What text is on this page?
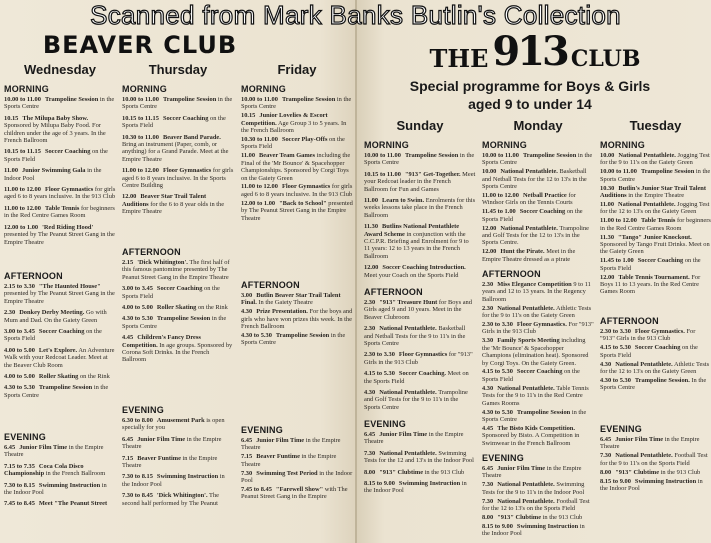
Scanned from Mark Banks Butlin's Collection
BEAVER CLUB	THE 913 CLUB
Special programme for Boys & Girls
aged 9 to under 14
Wednesday
MORNING
10.00 to 11.00 Trampoline Session in the Sports Centre
10.15 The Milupa Baby Show. Sponsored by Milupa Baby Food. For children under the age of 3 years. In the French Ballroom
10.15 to 11.15 Soccer Coaching on the Sports Field
11.00 Junior Swimming Gala in the Indoor Pool
11.00 to 12.00 Floor Gymnastics for girls aged 6 to 8 years inclusive. In the 913 Club
11.00 to 12.00 Table Tennis for beginners in the Red Centre Games Room
12.00 to 1.00 'Red Riding Hood' presented by The Peanut Street Gang in the Empire Theatre
AFTERNOON
2.15 to 3.30 "The Haunted House" presented by The Peanut Street Gang in the Empire Theatre
2.30 Donkey Derby Meeting. Go with Mum and Dad. On the Gaiety Green
3.00 to 3.45 Soccer Coaching on the Sports Field
4.00 to 5.00 Let's Explore. An Adventure Walk with your Redcoat Leader. Meet at the Beaver Club Room
4.00 to 5.00 Roller Skating on the Rink
4.30 to 5.30 Trampoline Session in the Sports Centre
EVENING
6.45 Junior Film Time in the Empire Theatre
7.15 to 7.35 Coca Cola Disco Championship in the French Ballroom
7.30 to 8.15 Swimming Instruction in the Indoor Pool
7.45 to 8.45 Meet "The Peanut Street
Thursday
MORNING
10.00 to 11.00 Trampoline Session in the Sports Centre
10.15 to 11.15 Soccer Coaching on the Sports Field
10.30 to 11.00 Beaver Band Parade. Bring an instrument (Paper, comb, or anything) for a Grand Parade. Meet at the Empire Theatre
11.00 to 12.00 Floor Gymnastics for girls aged 6 to 8 years inclusive. In the Sports Centre Building
12.00 Beaver Star Trail Talent Auditions for the 6 to 8 year olds in the Empire Theatre
AFTERNOON
2.15 'Dick Whitington'. The first half of this famous pantomime presented by The Peanut Street Gang in the Empire Theatre
3.00 to 3.45 Soccer Coaching on the Sports Field
4.00 to 5.00 Roller Skating on the Rink
4.30 to 5.30 Trampoline Session in the Sports Centre
4.45 Children's Fancy Dress Competition. In age groups. Sponsored by Corona Soft Drinks. In the French Ballroom
EVENING
6.30 to 8.00 Amusement Park is open specially for you
6.45 Junior Film Time in the Empire Theatre
7.15 Beaver Funtime in the Empire Theatre
7.30 to 8.15 Swimming Instruction in the Indoor Pool
7.30 to 8.45 'Dick Whitington'. The second half performed by The Peanut
Friday
MORNING
10.00 to 11.00 Trampoline Session in the Sports Centre
10.15 Junior Lovelies & Escort Competition. Age Group 3 to 5 years. In the French Ballroom
10.30 to 11.00 Soccer Play-Offs on the Sports Field
11.00 Beaver Team Games including the Final of the 'Mr Bounce' & Spacehopper Championships. Sponsored by Corgi Toys on the Gaiety Green
11.00 to 12.00 Floor Gymnastics for girls aged 6 to 8 years inclusive. In the 913 Club
12.00 to 1.00 "Back to School" presented by The Peanut Street Gang in the Empire Theatre
AFTERNOON
3.00 Butlin Beaver Star Trail Talent Final. In the Gaiety Theatre
4.30 Prize Presentation. For the boys and girls who have won prizes this week. In the French Ballroom
4.30 to 5.30 Trampoline Session in the Sports Centre
EVENING
6.45 Junior Film Time in the Empire Theatre
7.15 Beaver Funtime in the Empire Theatre
7.30 Swimming Test Period in the Indoor Pool
7.45 to 8.45 "Farewell Show" with The Peanut Street Gang in the Empire
Sunday
MORNING
10.00 to 11.00 Trampoline Session in the Sports Centre
10.15 to 11.00 "913" Get-Together. Meet your Redcoat leader in the French Ballroom for Fun and Games
11.00 Learn to Swim. Enrolments for this weeks lessons take place in the French Ballroom
11.30 Butlins National Pentathlete Award Scheme in conjunction with the C.C.P.R. Briefing and Enrolment for 9 to 11 years: 12 to 13 years in the French Ballroom
12.00 Soccer Coaching Introduction. Meet your Coach on the Sports Field
AFTERNOON
2.30 "913" Treasure Hunt for Boys and Girls aged 9 and 10 years. Meet in the Beaver Clubroom
2.30 National Pentathlete. Basketball and Netball Tests for the 9 to 11's in the Sports Centre
2.30 to 3.30 Floor Gymnastics for "913" Girls in the 913 Club
4.15 to 5.30 Soccer Coaching. Meet on the Sports Field
4.30 National Pentathlete. Trampoline and Golf Tests for the 9 to 11's in the Sports Centre
EVENING
6.45 Junior Film Time in the Empire Theatre
7.30 National Pentathlete. Swimming Tests for the 12 and 13's in the Indoor Pool
8.00 "913" Clubtime in the 913 Club
8.15 to 9.00 Swimming Instruction in the Indoor Pool
Monday
MORNING
10.00 to 11.00 Trampoline Session in the Sports Centre
10.00 National Pentathlete. Basketball and Netball Tests for the 12 to 13's in the Sports Centre
11.00 to 12.00 Netball Practice for Windsor Girls on the Tennis Courts
11.45 to 1.00 Soccer Coaching on the Sports Field
12.00 National Pentathlete. Trampoline and Golf Tests for the 12 to 13's in the Sports Centre.
12.00 Hunt the Pirate. Meet in the Empire Theatre dressed as a pirate
AFTERNOON
2.30 Miss Elegance Competition 9 to 11 years and 12 to 13 years. In the Regency Ballroom
2.30 National Pentathlete. Athletic Tests for the 9 to 11's on the Gaiety Green
2.30 to 3.30 Floor Gymnastics. For "913" Girls in the 913 Club
3.30 Family Sports Meeting including the 'Mr Bounce' & Spacehopper Champions (elimination heat). Sponsored by Corgi Toys. On the Gaiety Green.
4.15 to 5.30 Soccer Coaching on the Sports Field
4.30 National Pentathlete. Table Tennis Tests for the 9 to 11's in the Red Centre Games Rooms
4.30 to 5.30 Trampoline Session in the Sports Centre
4.45 The Bisto Kids Competition. Sponsored by Bisto. A Competition in Swimwear in the French Ballroom
EVENING
6.45 Junior Film Time in the Empire Theatre
7.30 National Pentathlete. Swimming Tests for the 9 to 11's in the Indoor Pool
7.30 National Pentathlete. Football Test for the 12 to 13's on the Sports Field
8.00 "913" Clubtime in the 913 Club
8.15 to 9.00 Swimming Instruction in the Indoor Pool
Tuesday
MORNING
10.00 National Pentathlete. Jogging Test for the 9 to 11's on the Gaiety Green
10.00 to 11.00 Trampoline Session in the Sports Centre
10.30 Butlin's Junior Star Trail Talent Auditions in the Empire Theatre
11.00 National Pentathlete. Jogging Test for the 12 to 13's on the Gaiety Green
11.00 to 12.00 Table Tennis for beginners in the Red Centre Games Room
11.30 "Tango" Junior Knockout. Sponsored by Tango Fruit Drinks. Meet on the Gaiety Green
11.45 to 1.00 Soccer Coaching on the Sports Field
12.00 Table Tennis Tournament. For Boys 11 to 13 years. In the Red Centre Games Room
AFTERNOON
2.30 to 3.30 Floor Gymnastics. For "913" Girls in the 913 Club
4.15 to 5.30 Soccer Coaching on the Sports Field
4.30 National Pentathlete. Athletic Tests for the 12 to 13's on the Gaiety Green
4.30 to 5.30 Trampoline Session. In the Sports Centre
EVENING
6.45 Junior Film Time in the Empire Theatre
7.30 National Pentathlete. Football Test for the 9 to 11's on the Sports Field
8.00 "913" Clubtime in the 913 Club
8.15 to 9.00 Swimming Instruction in the Indoor Pool
